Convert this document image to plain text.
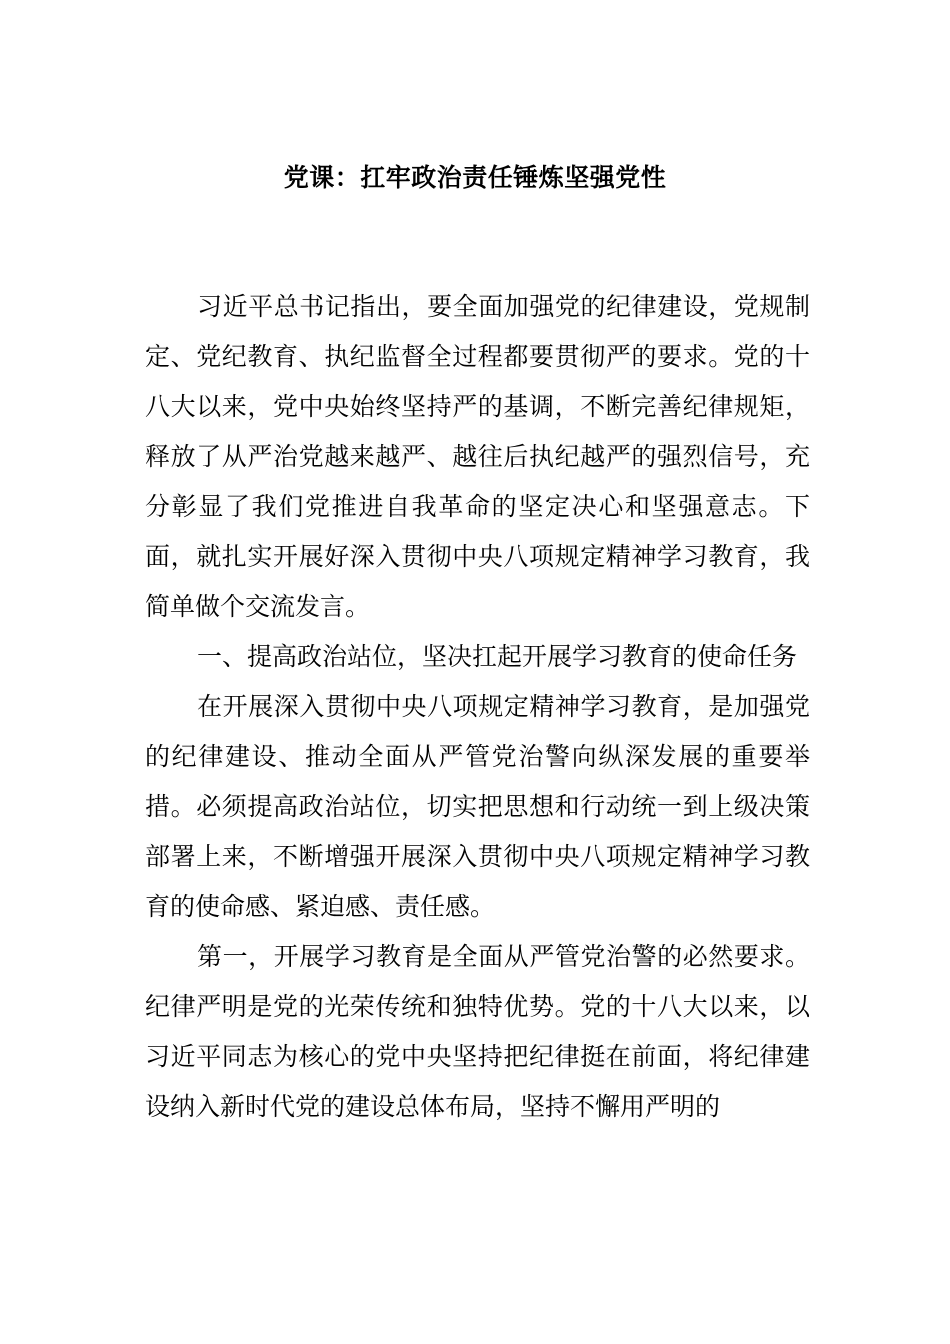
党课：扛牢政治责任锤炼坚强党性

习近平总书记指出，要全面加强党的纪律建设，党规制定、党纪教育、执纪监督全过程都要贯彻严的要求。党的十八大以来，党中央始终坚持严的基调，不断完善纪律规矩，释放了从严治党越来越严、越往后执纪越严的强烈信号，充分彰显了我们党推进自我革命的坚定决心和坚强意志。下面，就扎实开展好深入贯彻中央八项规定精神学习教育，我简单做个交流发言。

一、提高政治站位，坚决扛起开展学习教育的使命任务

在开展深入贯彻中央八项规定精神学习教育，是加强党的纪律建设、推动全面从严管党治警向纵深发展的重要举措。必须提高政治站位，切实把思想和行动统一到上级决策部署上来，不断增强开展深入贯彻中央八项规定精神学习教育的使命感、紧迫感、责任感。

第一，开展学习教育是全面从严管党治警的必然要求。纪律严明是党的光荣传统和独特优势。党的十八大以来，以习近平同志为核心的党中央坚持把纪律挺在前面，将纪律建设纳入新时代党的建设总体布局，坚持不懈用严明的
